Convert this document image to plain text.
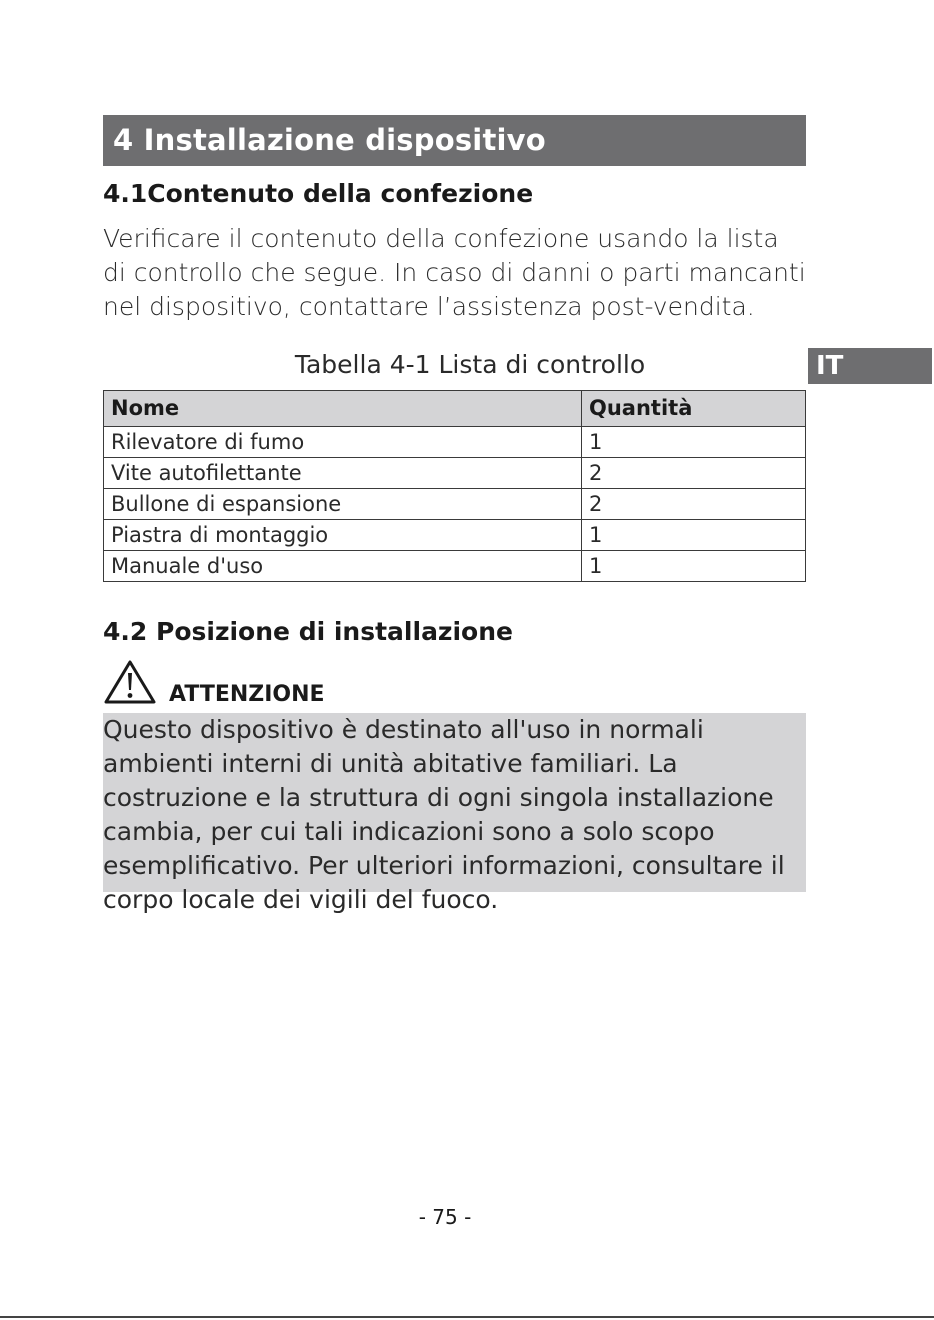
4 Installazione dispositivo
IT
4.1Contenuto della confezione
Verificare il contenuto della confezione usando la lista di controllo che segue. In caso di danni o parti mancanti nel dispositivo, contattare l’assistenza post-vendita.
Tabella 4-1 Lista di controllo
Nome	Quantità
Rilevatore di fumo	1
Vite autofilettante	2
Bullone di espansione	2
Piastra di montaggio	1
Manuale d'uso	1
4.2 Posizione di installazione
ATTENZIONE
Questo dispositivo è destinato all'uso in normali ambienti interni di unità abitative familiari. La costruzione e la struttura di ogni singola installazione cambia, per cui tali indicazioni sono a solo scopo esemplificativo. Per ulteriori informazioni, consultare il corpo locale dei vigili del fuoco.
- 75 -
